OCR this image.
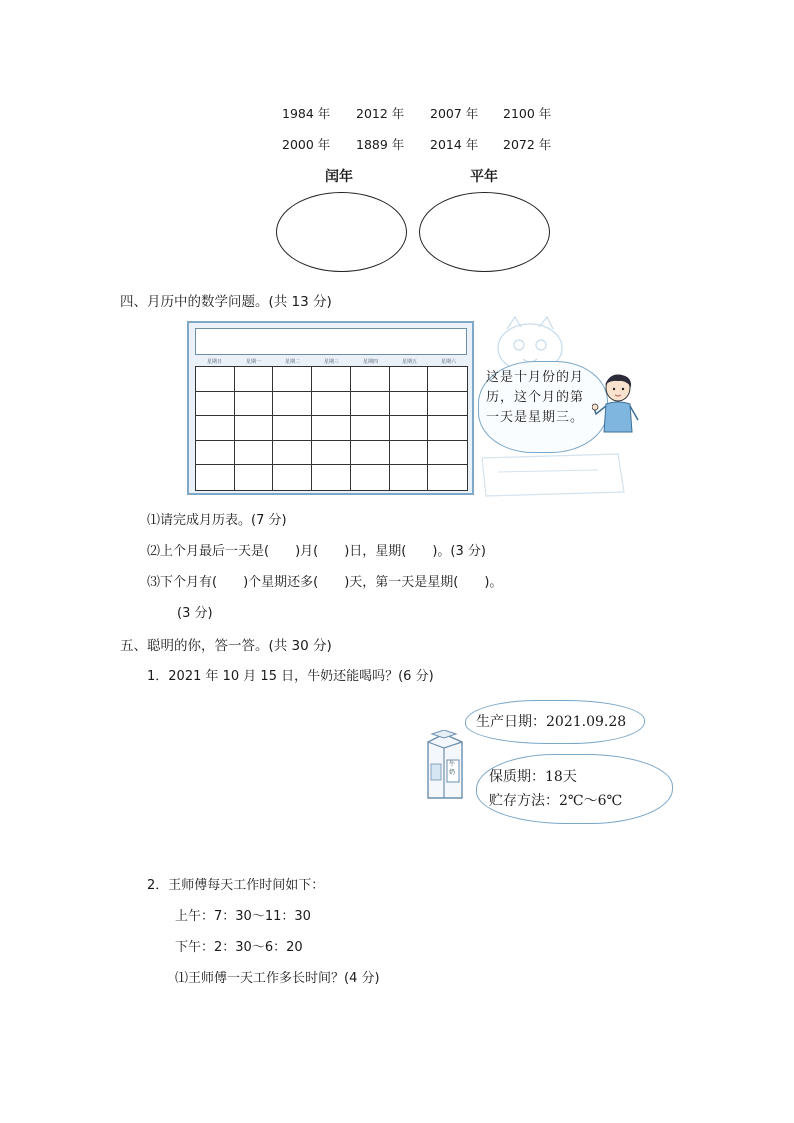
1984 年 2012 年 2007 年 2100 年
2000 年 1889 年 2014 年 2072 年
闰年	平年
四、月历中的数学问题。(共 13 分)
星期日	星期一	星期二	星期三	星期四	星期五	星期六
这是十月份的月历，这个月的第一天是星期三。
⑴请完成月历表。(7 分)
⑵上个月最后一天是(　　)月(　　)日，星期(　　)。(3 分)
⑶下个月有(　　)个星期还多(　　)天，第一天是星期(　　)。
(3 分)
五、聪明的你，答一答。(共 30 分)
1．2021 年 10 月 15 日，牛奶还能喝吗？(6 分)
牛奶
生产日期：2021.09.28
保质期：18天
贮存方法：2℃～6℃
2．王师傅每天工作时间如下：
上午：7：30～11：30
下午：2：30～6：20
⑴王师傅一天工作多长时间？(4 分)
